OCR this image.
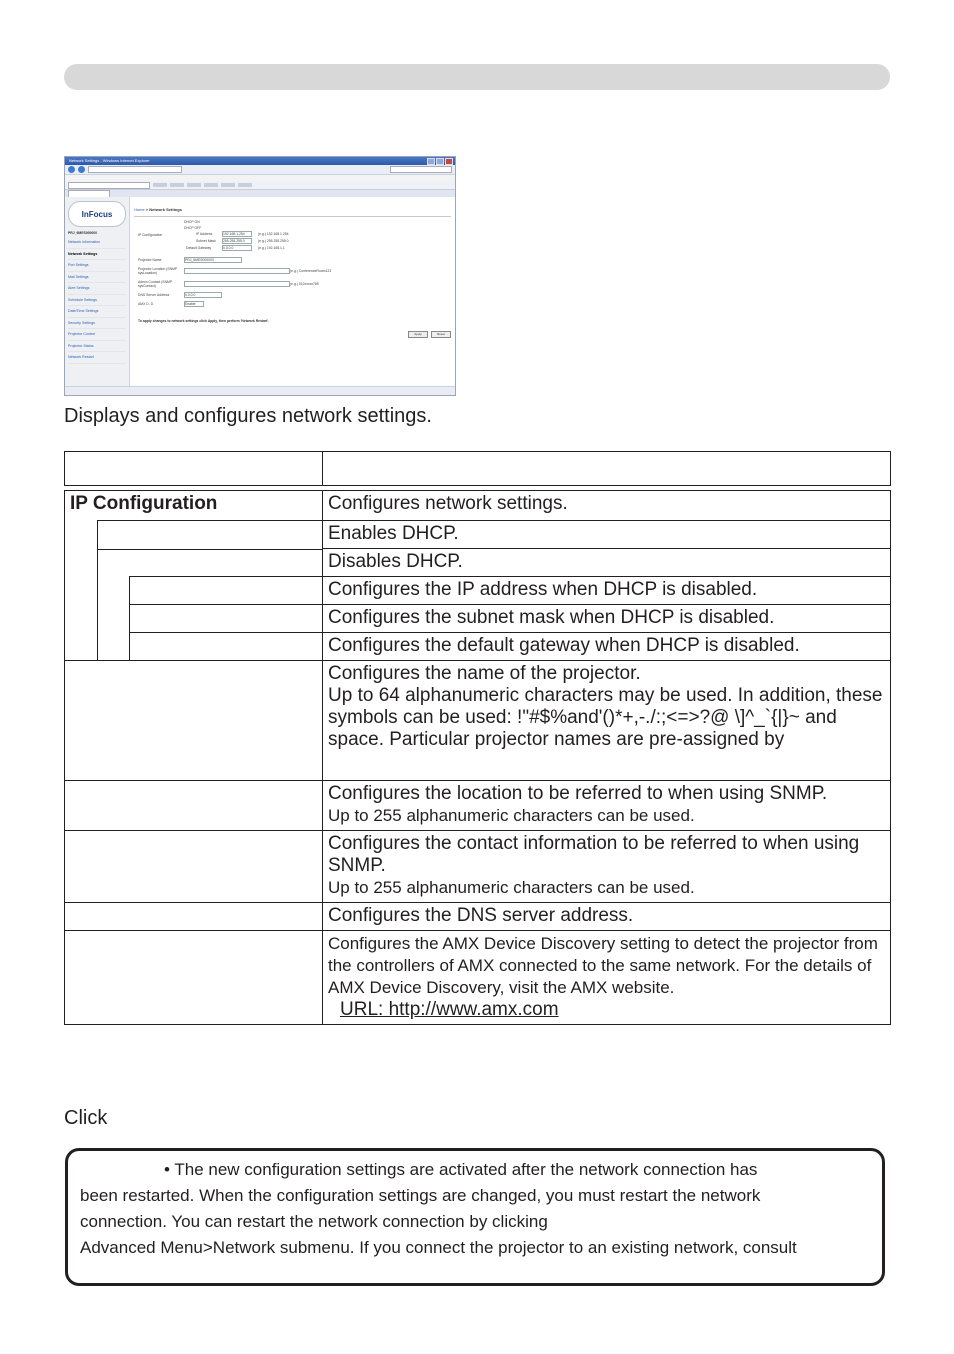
Network Settings - Windows Internet Explorer
InFocus
PRJ_6MES000000
Network Information
Network Settings
Port Settings
Mail Settings
Alert Settings
Schedule Settings
Date/Time Settings
Security Settings
Projector Control
Projector Status
Network Restart
Home > Network Settings
DHCP ON
DHCP OFF
IP Configuration	IP Address	192.168.1.254	(e.g.) 192.168.1.254
Subnet Mask 255.255.255.0	(e.g.) 255.255.255.0
Default Gateway	0.0.0.0	(e.g.) 192.168.1.1
Projector Name	PRJ_6MES000000
Projector Location (SNMP sysLocation)	(e.g.) ConferenceRoom123
Admin Contact (SNMP sysContact)	(e.g.) 012xxxxx789
DNS Server Address	0.0.0.0
AMX D. D.	Enable
To apply changes to network settings click Apply, then perform 'Network Restart'.
Apply	Reset
Displays and configures network settings.

IP Configuration	Configures network settings.

	Enables DHCP.

	Disables DHCP.

	Configures the IP address when DHCP is disabled.

	Configures the subnet mask when DHCP is disabled.

	Configures the default gateway when DHCP is disabled.
	Configures the name of the projector.
Up to 64 alphanumeric characters may be used. In addition, these symbols can be used: !"#$%and'()*+,-./:;<=>?@ \]^_`{|}~ and space. Particular projector names are pre-assigned by
	Configures the location to be referred to when using SNMP.
Up to 255 alphanumeric characters can be used.

	Configures the contact information to be referred to when using SNMP.
Up to 255 alphanumeric characters can be used.

	Configures the DNS server address.
	Configures the AMX Device Discovery setting to detect the projector from the controllers of AMX connected to the same network. For the details of AMX Device Discovery, visit the AMX website.
URL: http://www.amx.com
Click
• The new configuration settings are activated after the network connection has
been restarted. When the configuration settings are changed, you must restart the network
connection. You can restart the network connection by clicking
Advanced Menu>Network submenu. If you connect the projector to an existing network, consult
